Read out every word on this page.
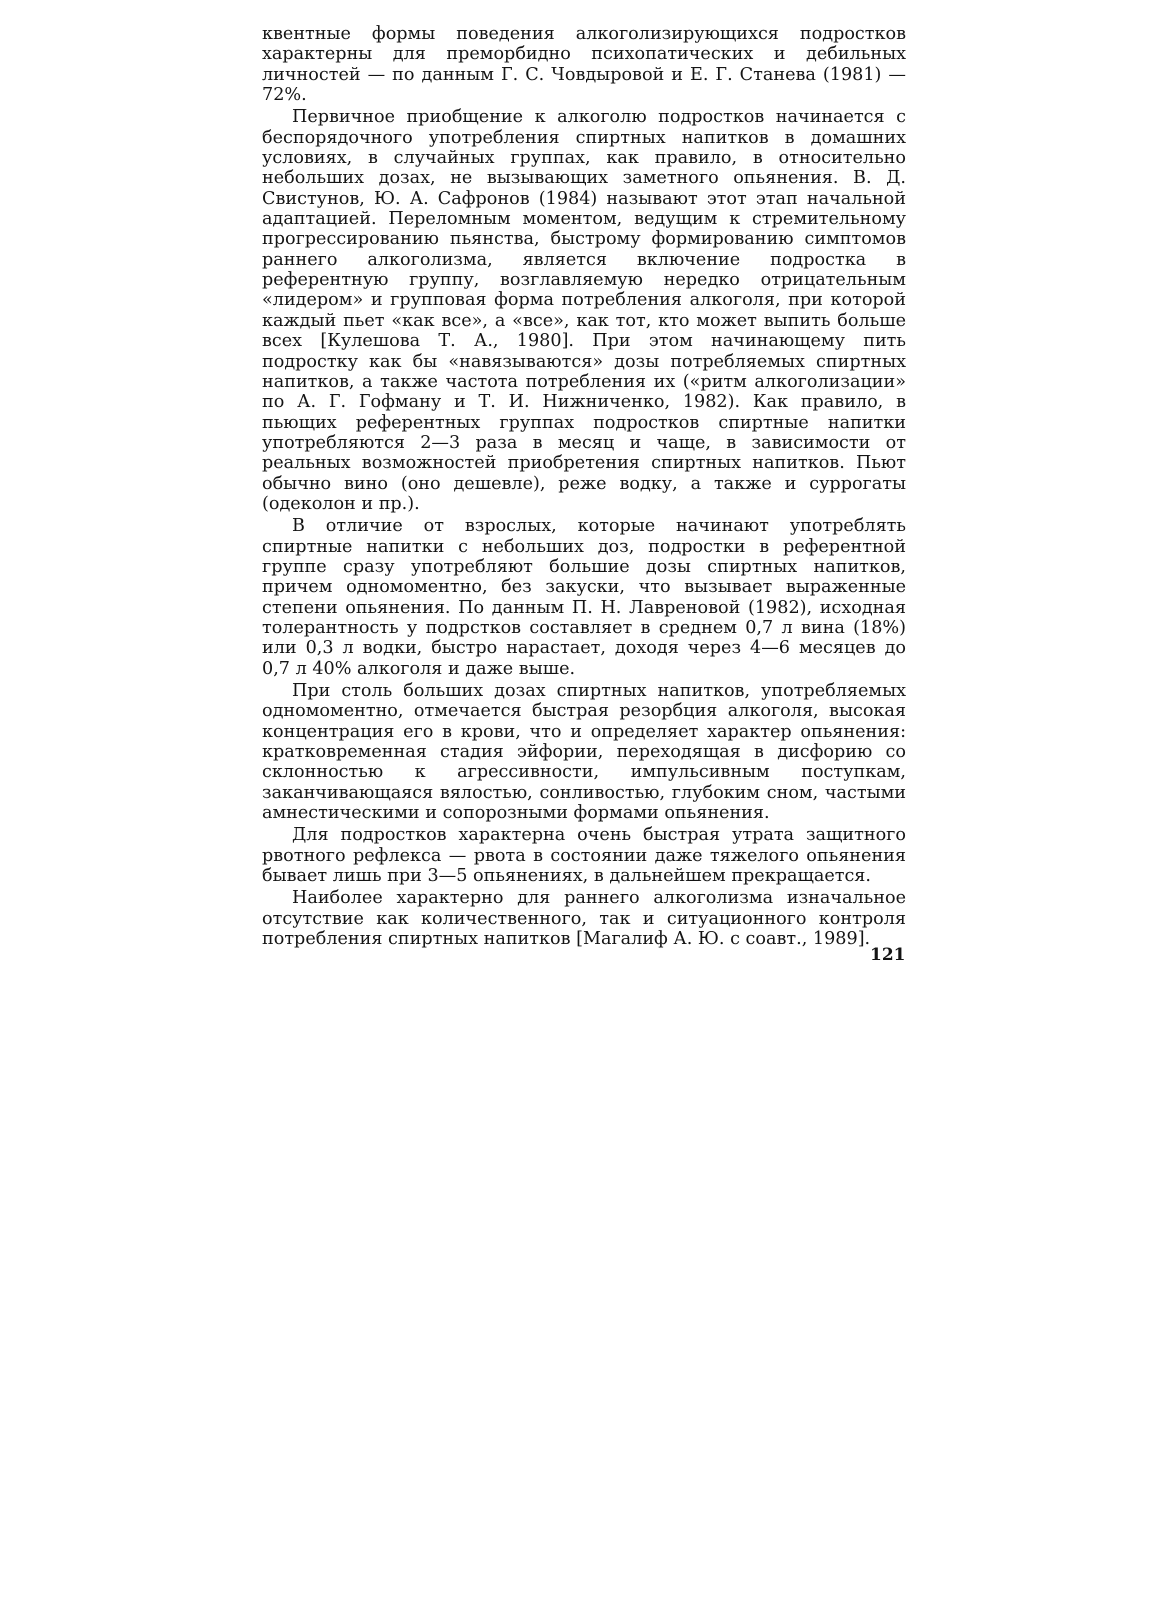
квентные формы поведения алкоголизирующихся подростков характерны для преморбидно психопатических и дебильных личностей — по данным Г. С. Човдыровой и Е. Г. Станева (1981) — 72%.

Первичное приобщение к алкоголю подростков начинается с беспорядочного употребления спиртных напитков в домашних условиях, в случайных группах, как правило, в относительно небольших дозах, не вызывающих заметного опьянения. В. Д. Свистунов, Ю. А. Сафронов (1984) называют этот этап начальной адаптацией. Переломным моментом, ведущим к стремительному прогрессированию пьянства, быстрому формированию симптомов раннего алкоголизма, является включение подростка в референтную группу, возглавляемую нередко отрицательным «лидером» и групповая форма потребления алкоголя, при которой каждый пьет «как все», а «все», как тот, кто может выпить больше всех [Кулешова Т. А., 1980]. При этом начинающему пить подростку как бы «навязываются» дозы потребляемых спиртных напитков, а также частота потребления их («ритм алкоголизации» по А. Г. Гофману и Т. И. Нижниченко, 1982). Как правило, в пьющих референтных группах подростков спиртные напитки употребляются 2—3 раза в месяц и чаще, в зависимости от реальных возможностей приобретения спиртных напитков. Пьют обычно вино (оно дешевле), реже водку, а также и суррогаты (одеколон и пр.).

В отличие от взрослых, которые начинают употреблять спиртные напитки с небольших доз, подростки в референтной группе сразу употребляют большие дозы спиртных напитков, причем одномоментно, без закуски, что вызывает выраженные степени опьянения. По данным П. Н. Лавреновой (1982), исходная толерантность у подрстков составляет в среднем 0,7 л вина (18%) или 0,3 л водки, быстро нарастает, доходя через 4—6 месяцев до 0,7 л 40% алкоголя и даже выше.

При столь больших дозах спиртных напитков, употребляемых одномоментно, отмечается быстрая резорбция алкоголя, высокая концентрация его в крови, что и определяет характер опьянения: кратковременная стадия эйфории, переходящая в дисфорию со склонностью к агрессивности, импульсивным поступкам, заканчивающаяся вялостью, сонливостью, глубоким сном, частыми амнестическими и сопорозными формами опьянения.

Для подростков характерна очень быстрая утрата защитного рвотного рефлекса — рвота в состоянии даже тяжелого опьянения бывает лишь при 3—5 опьянениях, в дальнейшем прекращается.

Наиболее характерно для раннего алкоголизма изначальное отсутствие как количественного, так и ситуационного контроля потребления спиртных напитков [Магалиф А. Ю. с соавт., 1989].

121
